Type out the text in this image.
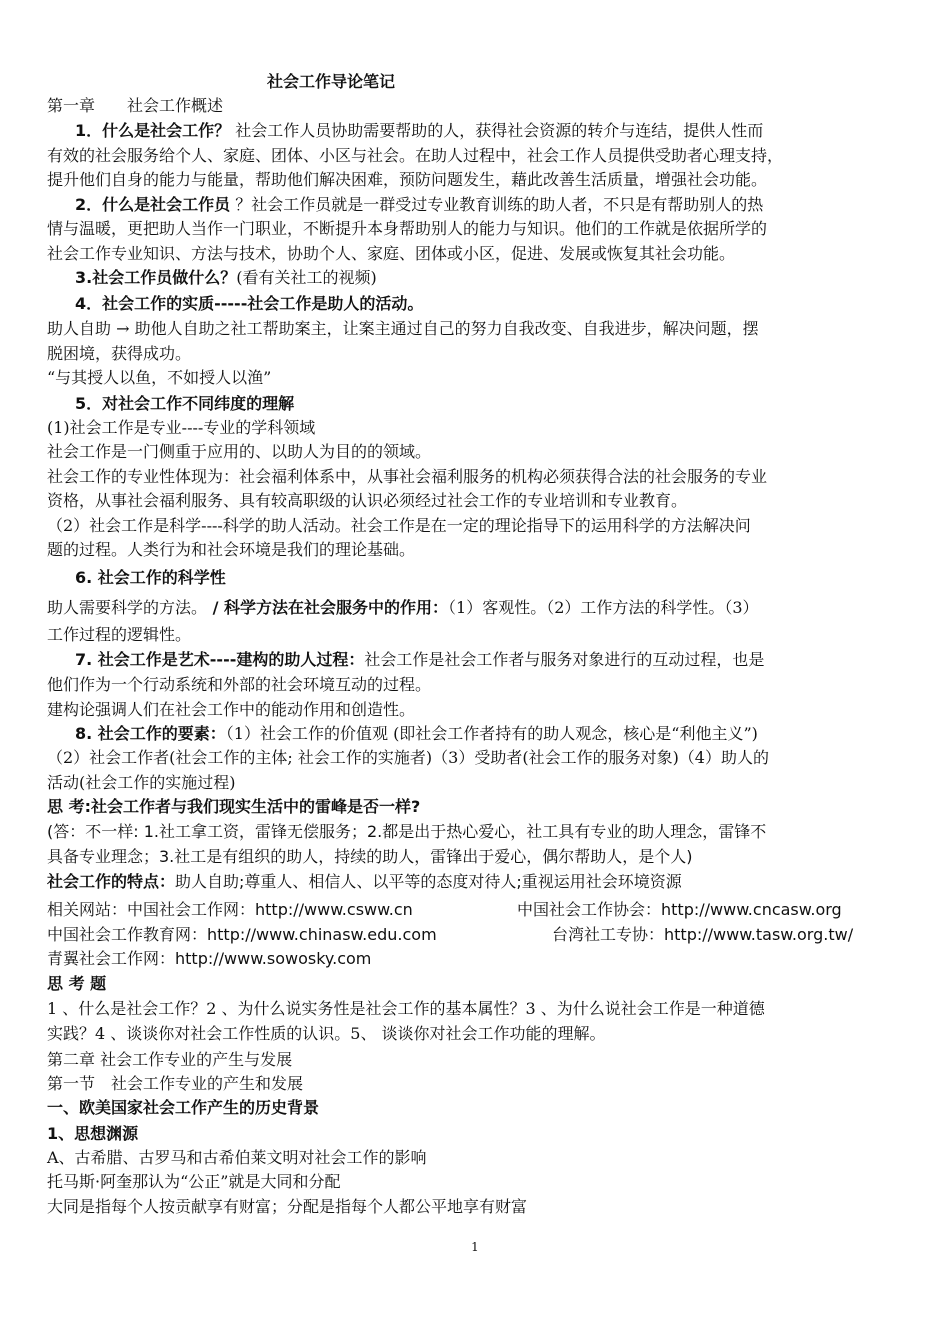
社会工作导论笔记
第一章　　社会工作概述
1．什么是社会工作？ 社会工作人员协助需要帮助的人，获得社会资源的转介与连结，提供人性而
有效的社会服务给个人、家庭、团体、小区与社会。在助人过程中，社会工作人员提供受助者心理支持，
提升他们自身的能力与能量，帮助他们解决困难，预防问题发生，藉此改善生活质量，增强社会功能。
2．什么是社会工作员 ？社会工作员就是一群受过专业教育训练的助人者，不只是有帮助别人的热
情与温暖，更把助人当作一门职业，不断提升本身帮助别人的能力与知识。他们的工作就是依据所学的
社会工作专业知识、方法与技术，协助个人、家庭、团体或小区，促进、发展或恢复其社会功能。
3.社会工作员做什么？(看有关社工的视频)
4．社会工作的实质-----社会工作是助人的活动。
助人自助 → 助他人自助之社工帮助案主，让案主通过自己的努力自我改变、自我进步，解决问题，摆
脱困境，获得成功。
“与其授人以鱼，不如授人以渔”
5．对社会工作不同纬度的理解
(1)社会工作是专业----专业的学科领域
社会工作是一门侧重于应用的、以助人为目的的领域。
社会工作的专业性体现为：社会福利体系中，从事社会福利服务的机构必须获得合法的社会服务的专业
资格，从事社会福利服务、具有较高职级的认识必须经过社会工作的专业培训和专业教育。
（2）社会工作是科学----科学的助人活动。社会工作是在一定的理论指导下的运用科学的方法解决问
题的过程。人类行为和社会环境是我们的理论基础。
6. 社会工作的科学性
助人需要科学的方法。 / 科学方法在社会服务中的作用：（1）客观性。（2）工作方法的科学性。（3）
工作过程的逻辑性。
7. 社会工作是艺术----建构的助人过程：社会工作是社会工作者与服务对象进行的互动过程，也是
他们作为一个行动系统和外部的社会环境互动的过程。
建构论强调人们在社会工作中的能动作用和创造性。
8. 社会工作的要素：（1）社会工作的价值观 (即社会工作者持有的助人观念，核心是“利他主义”)
（2）社会工作者(社会工作的主体; 社会工作的实施者)（3）受助者(社会工作的服务对象)（4）助人的
活动(社会工作的实施过程)
思 考:社会工作者与我们现实生活中的雷峰是否一样?
(答：不一样: 1.社工拿工资，雷锋无偿服务；2.都是出于热心爱心，社工具有专业的助人理念，雷锋不
具备专业理念；3.社工是有组织的助人，持续的助人，雷锋出于爱心，偶尔帮助人，是个人)
社会工作的特点：助人自助;尊重人、相信人、以平等的态度对待人;重视运用社会环境资源
相关网站：中国社会工作网：http://www.csww.cn	中国社会工作协会：http://www.cncasw.org
中国社会工作教育网：http://www.chinasw.edu.com	台湾社工专协：http://www.tasw.org.tw/
青翼社会工作网：http://www.sowosky.com
思 考 题
1 、什么是社会工作？2 、为什么说实务性是社会工作的基本属性？3 、为什么说社会工作是一种道德
实践？4 、谈谈你对社会工作性质的认识。5、 谈谈你对社会工作功能的理解。
第二章 社会工作专业的产生与发展
第一节　社会工作专业的产生和发展
一、欧美国家社会工作产生的历史背景
1、思想渊源
A、古希腊、古罗马和古希伯莱文明对社会工作的影响
托马斯·阿奎那认为“公正”就是大同和分配
大同是指每个人按贡献享有财富；分配是指每个人都公平地享有财富
1
